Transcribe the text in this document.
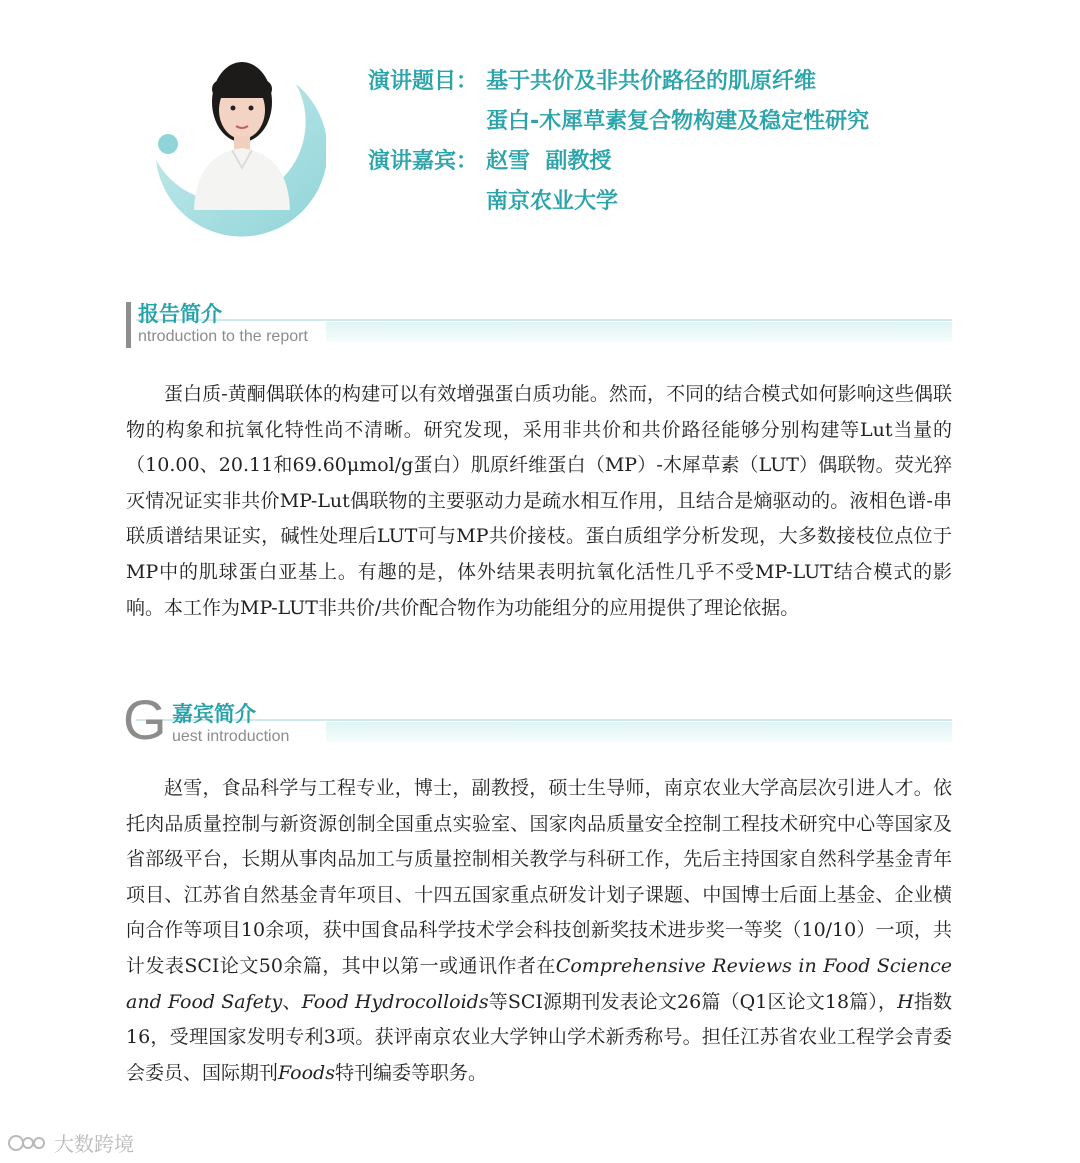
演讲题目： 基于共价及非共价路径的肌原纤维
蛋白-木犀草素复合物构建及稳定性研究
演讲嘉宾： 赵雪  副教授
南京农业大学
报告简介
ntroduction to the report

蛋白质-黄酮偶联体的构建可以有效增强蛋白质功能。然而，不同的结合模式如何影响这些偶联物的构象和抗氧化特性尚不清晰。研究发现，采用非共价和共价路径能够分别构建等Lut当量的（10.00、20.11和69.60μmol/g蛋白）肌原纤维蛋白（MP）-木犀草素（LUT）偶联物。荧光猝灭情况证实非共价MP-Lut偶联物的主要驱动力是疏水相互作用，且结合是熵驱动的。液相色谱-串联质谱结果证实，碱性处理后LUT可与MP共价接枝。蛋白质组学分析发现，大多数接枝位点位于MP中的肌球蛋白亚基上。有趣的是，体外结果表明抗氧化活性几乎不受MP-LUT结合模式的影响。本工作为MP-LUT非共价/共价配合物作为功能组分的应用提供了理论依据。

G 嘉宾简介
uest introduction

赵雪，食品科学与工程专业，博士，副教授，硕士生导师，南京农业大学高层次引进人才。依托肉品质量控制与新资源创制全国重点实验室、国家肉品质量安全控制工程技术研究中心等国家及省部级平台，长期从事肉品加工与质量控制相关教学与科研工作，先后主持国家自然科学基金青年项目、江苏省自然基金青年项目、十四五国家重点研发计划子课题、中国博士后面上基金、企业横向合作等项目10余项，获中国食品科学技术学会科技创新奖技术进步奖一等奖（10/10）一项，共计发表SCI论文50余篇，其中以第一或通讯作者在Comprehensive Reviews in Food Science and Food Safety、Food Hydrocolloids等SCI源期刊发表论文26篇（Q1区论文18篇），H指数16，受理国家发明专利3项。获评南京农业大学钟山学术新秀称号。担任江苏省农业工程学会青委会委员、国际期刊Foods特刊编委等职务。

大数跨境
